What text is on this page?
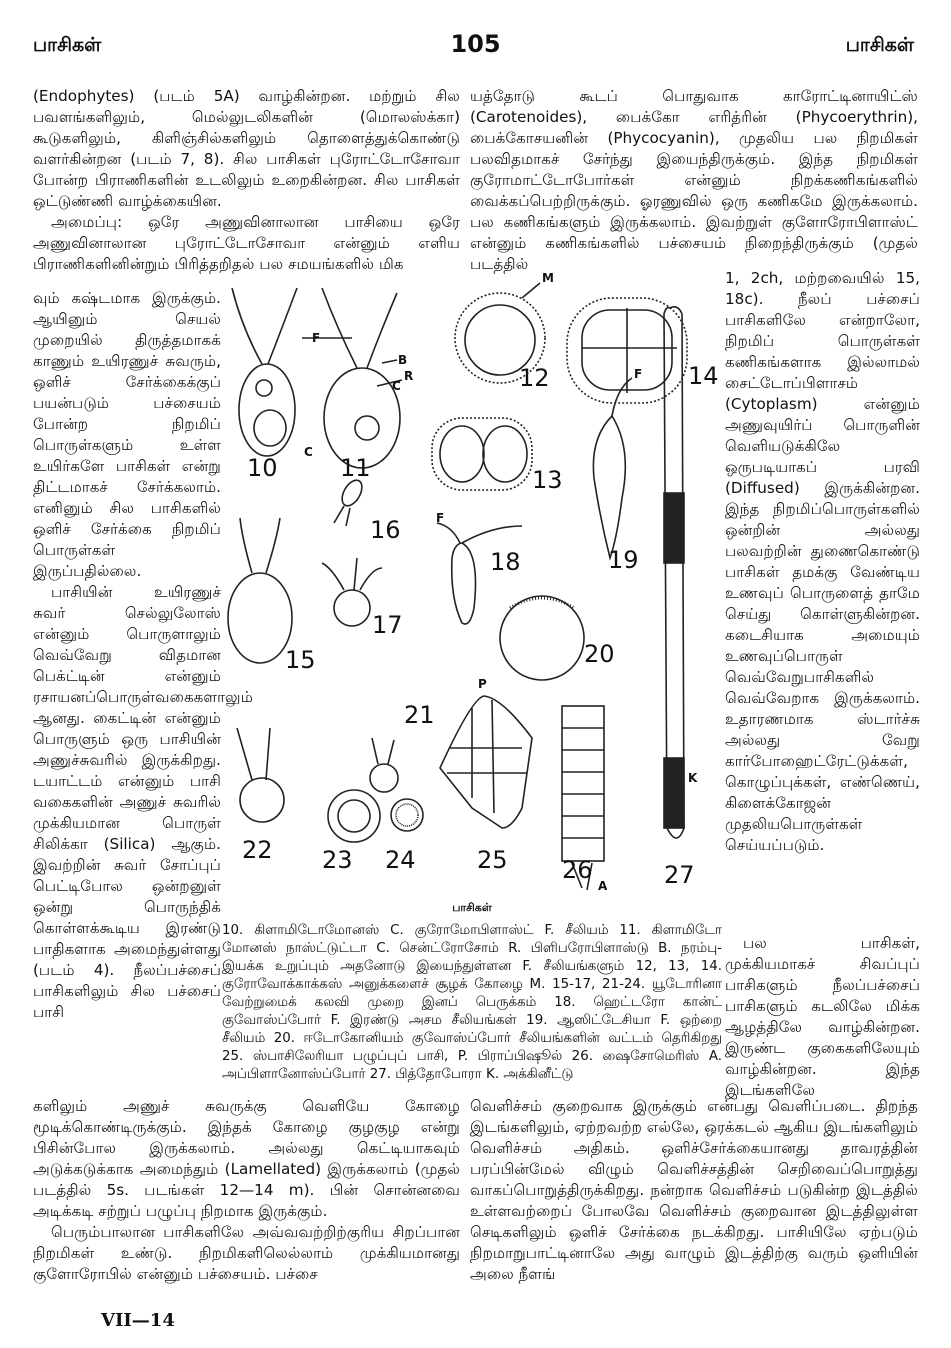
பாசிகள்	105	பாசிகள்

(Endophytes) (படம் 5A) வாழ்கின்றன. மற்றும் சில பவளங்களிலும், மெல்லுடலிகளின் (மொலஸ்க்கா) கூடுகளிலும், கிளிஞ்சில்களிலும் தொளைத்துக்கொண்டு வளர்கின்றன (படம் 7, 8). சில பாசிகள் புரோட்டோசோவா போன்ற பிராணிகளின் உடலிலும் உறைகின்றன. சில பாசிகள் ஒட்டுண்ணி வாழ்க்கையின.

அமைப்பு: ஒரே அணுவினாலான பாசியை ஒரே அணுவினாலான புரோட்டோசோவா என்னும் எளிய பிராணிகளினின்றும் பிரித்தறிதல் பல சமயங்களில் மிக

யத்தோடு கூடப் பொதுவாக காரோட்டினாயிட்ஸ் (Carotenoides), பைக்கோ எரித்ரின் (Phycoerythrin), பைக்கோசயனின் (Phycocyanin), முதலிய பல நிறமிகள் பலவிதமாகச் சேர்ந்து இயைந்திருக்கும். இந்த நிறமிகள் குரோமாட்டோபோர்கள் என்னும் நிறக்கணிகங்களில் வைக்கப்பெற்றிருக்கும். ஓரணுவில் ஒரு கணிகமே இருக்கலாம். பல கணிகங்களும் இருக்கலாம். இவற்றுள் குளோரோபிளாஸ்ட் என்னும் கணிகங்களில் பச்சையம் நிறைந்திருக்கும் (முதல் படத்தில்

வும் கஷ்டமாக இருக்கும். ஆயினும் செயல் முறையில் திருத்தமாகக் காணும் உயிரணுச் சுவரும், ஒளிச் சேர்க்கைக்குப் பயன்படும் பச்சையம் போன்ற நிறமிப் பொருள்களும் உள்ள உயிர்களே பாசிகள் என்று திட்டமாகச் சேர்க்கலாம். எனினும் சில பாசிகளில் ஒளிச் சேர்க்கை நிறமிப் பொருள்கள் இருப்பதில்லை.

பாசியின் உயிரணுச் சுவர் செல்லுலோஸ் என்னும் பொருளாலும் வெவ்வேறு விதமான பெக்ட்டின் என்னும் ரசாயனப்பொருள்வகைகளாலும் ஆனது. கைட்டின் என்னும் பொருளும் ஒரு பாசியின் அணுச்சுவரில் இருக்கிறது. டயாட்டம் என்னும் பாசி வகைகளின் அணுச் சுவரில் முக்கியமான பொருள் சிலிக்கா (Silica) ஆகும். இவற்றின் சுவர் சோப்புப் பெட்டிபோல ஒன்றனுள் ஒன்று பொருந்திக் கொள்ளக்கூடிய இரண்டு பாதிகளாக அமைந்துள்ளது (படம் 4). நீலப்பச்சைப் பாசிகளிலும் சில பச்சைப் பாசி

1, 2ch, மற்றவையில் 15, 18c). நீலப் பச்சைப் பாசிகளிலே என்றாலோ, நிறமிப் பொருள்கள் கணிகங்களாக இல்லாமல் சைட்டோப்பிளாசம் (Cytoplasm) என்னும் அணுவுயிர்ப் பொருளின் வெளியடுக்கிலே ஒருபடியாகப் பரவி (Diffused) இருக்கின்றன. இந்த நிறமிப்பொருள்களில் ஒன்றின் அல்லது பலவற்றின் துணைகொண்டு பாசிகள் தமக்கு வேண்டிய உணவுப் பொருளைத் தாமே செய்து கொள்ளுகின்றன. கடைசியாக அமையும் உணவுப்பொருள் வெவ்வேறுபாசிகளில் வெவ்வேறாக இருக்கலாம். உதாரணமாக ஸ்டார்ச்சு அல்லது வேறு கார்போஹைட்ரேட்டுக்கள், கொழுப்புக்கள், எண்ணெய், கிளைக்கோஜன் முதலியபொருள்கள் செய்யப்படும்.

பல பாசிகள், முக்கியமாகச் சிவப்புப் பாசிகளும் நீலப்பச்சைப் பாசிகளும் கடலிலே மிக்க ஆழத்திலே வாழ்கின்றன. இருண்ட குகைகளிலேயும் வாழ்கின்றன. இந்த இடங்களிலே

10	11
12
13
14
16
17
18	19
15	20
21
22 23 24	25 26	27
F
B
C
R
C
M
F
F
P
A
K
பாசிகள்
10. கிளாமிடோமோனஸ் C. குரோமோபிளாஸ்ட் F. சீலியம் 11. கிளாமிடோ மோனஸ் நாஸ்ட்டுட்டா C. சென்ட்ரோசோம் R. பிளிபரோபிளாஸ்டு B. நரம்பு-இயக்க உறுப்பும் அதனோடு இயைந்துள்ளன F. சீலியங்களும் 12, 13, 14. குரோவோக்காக்கஸ் அனுக்களைச் சூழக் கோழை M. 15-17, 21-24. யூடோரினா வேற்றுமைக் கலவி முறை இனப் பெருக்கம் 18. ஹெட்டரோ கான்ட் குவோஸ்ப்போர் F. இரண்டு அசம சீலியங்கள் 19. ஆஸிட்டேசியா F. ஒற்றை சீலியம் 20. ஈடோகோனியம் குவோஸ்ப்போர் சீலியங்களின் வட்டம் தெரிகிறது 25. ஸ்பாசிலேரியா பழுப்புப் பாசி, P. பிராப்பிஷூல் 26. ஷைசோமெரிஸ் A. அப்பிளானோஸ்ப்போர் 27. பித்தோபோரா K. அக்கினீட்டு

களிலும் அணுச் சுவருக்கு வெளியே கோழை மூடிக்கொண்டிருக்கும். இந்தக் கோழை குழகுழ என்று பிசின்போல இருக்கலாம். அல்லது கெட்டியாகவும் அடுக்கடுக்காக அமைந்தும் (Lamellated) இருக்கலாம் (முதல் படத்தில் 5s. படங்கள் 12—14 m). பின் சொன்னவை அடிக்கடி சற்றுப் பழுப்பு நிறமாக இருக்கும்.

பெரும்பாலான பாசிகளிலே அவ்வவற்றிற்குரிய சிறப்பான நிறமிகள் உண்டு. நிறமிகளிலெல்லாம் முக்கியமானது குளோரோபில் என்னும் பச்சையம். பச்சை

வெளிச்சம் குறைவாக இருக்கும் என்பது வெளிப்படை. திறந்த இடங்களிலும், ஏற்றவற்ற எல்லே, ஒரக்கடல் ஆகிய இடங்களிலும் வெளிச்சம் அதிகம். ஒளிச்சேர்க்கையானது தாவரத்தின் பரப்பின்மேல் விழும் வெளிச்சத்தின் செறிவைப்பொறுத்து வாகப்பொறுத்திருக்கிறது. நன்றாக வெளிச்சம் படுகின்ற இடத்தில் உள்ளவற்றைப் போலவே வெளிச்சம் குறைவான இடத்திலுள்ள செடிகளிலும் ஒளிச் சேர்க்கை நடக்கிறது. பாசியிலே ஏற்படும் நிறமாறுபாட்டினாலே அது வாழும் இடத்திற்கு வரும் ஒளியின் அலை நீளங்

VII—14
